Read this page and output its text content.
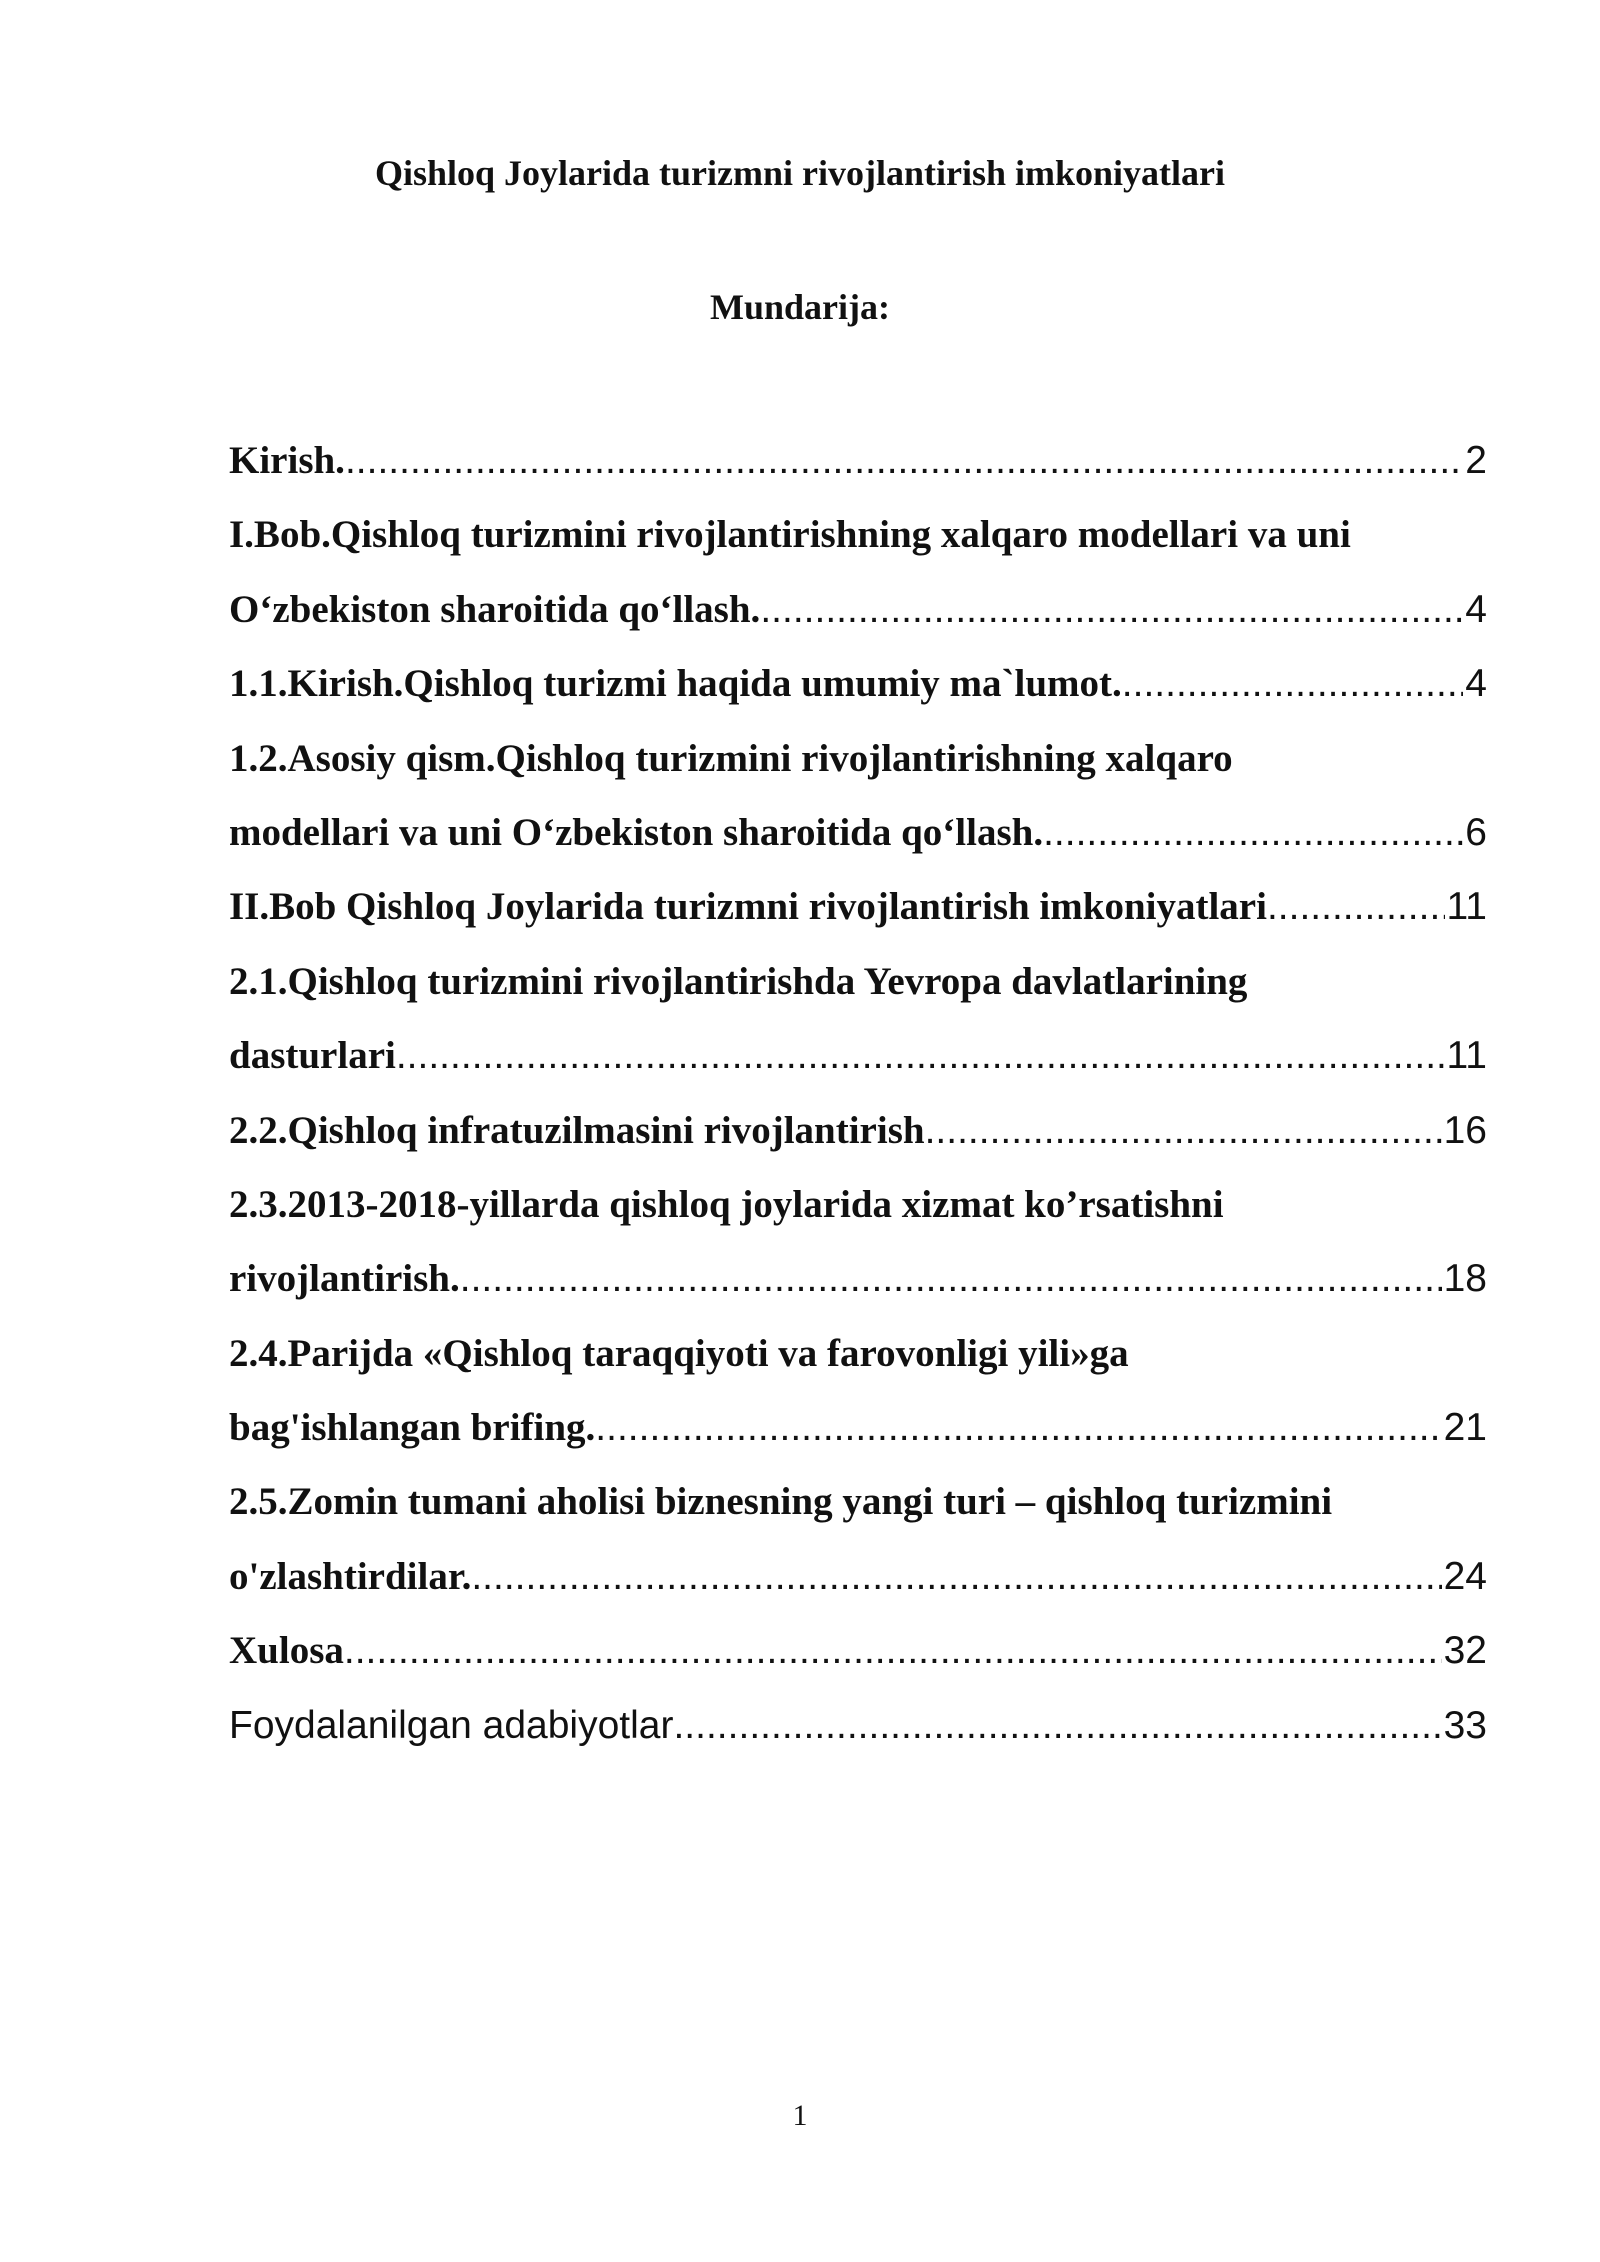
Qishloq Joylarida turizmni rivojlantirish imkoniyatlari
Mundarija:
Kirish. .....	2
I.Bob.Qishloq turizmini rivojlantirishning xalqaro modellari va uni
O‘zbekiston sharoitida qo‘llash. .....	4
1.1.Kirish.Qishloq turizmi haqida umumiy ma`lumot. .....	4
1.2.Asosiy qism.Qishloq turizmini rivojlantirishning xalqaro
modellari va uni O‘zbekiston sharoitida qo‘llash. .....	6
II.Bob Qishloq Joylarida turizmni rivojlantirish imkoniyatlari .....	11
2.1.Qishloq turizmini rivojlantirishda Yevropa davlatlarining
dasturlari .....	11
2.2.Qishloq infratuzilmasini rivojlantirish .....	16
2.3.2013-2018-yillarda qishloq joylarida xizmat ko’rsatishni
rivojlantirish. .....	18
2.4.Parijda «Qishloq taraqqiyoti va farovonligi yili»ga
bag'ishlangan brifing. .....	21
2.5.Zomin tumani aholisi biznesning yangi turi – qishloq turizmini
o'zlashtirdilar. .....	24
Xulosa .....	32
Foydalanilgan adabiyotlar .....	33
1
